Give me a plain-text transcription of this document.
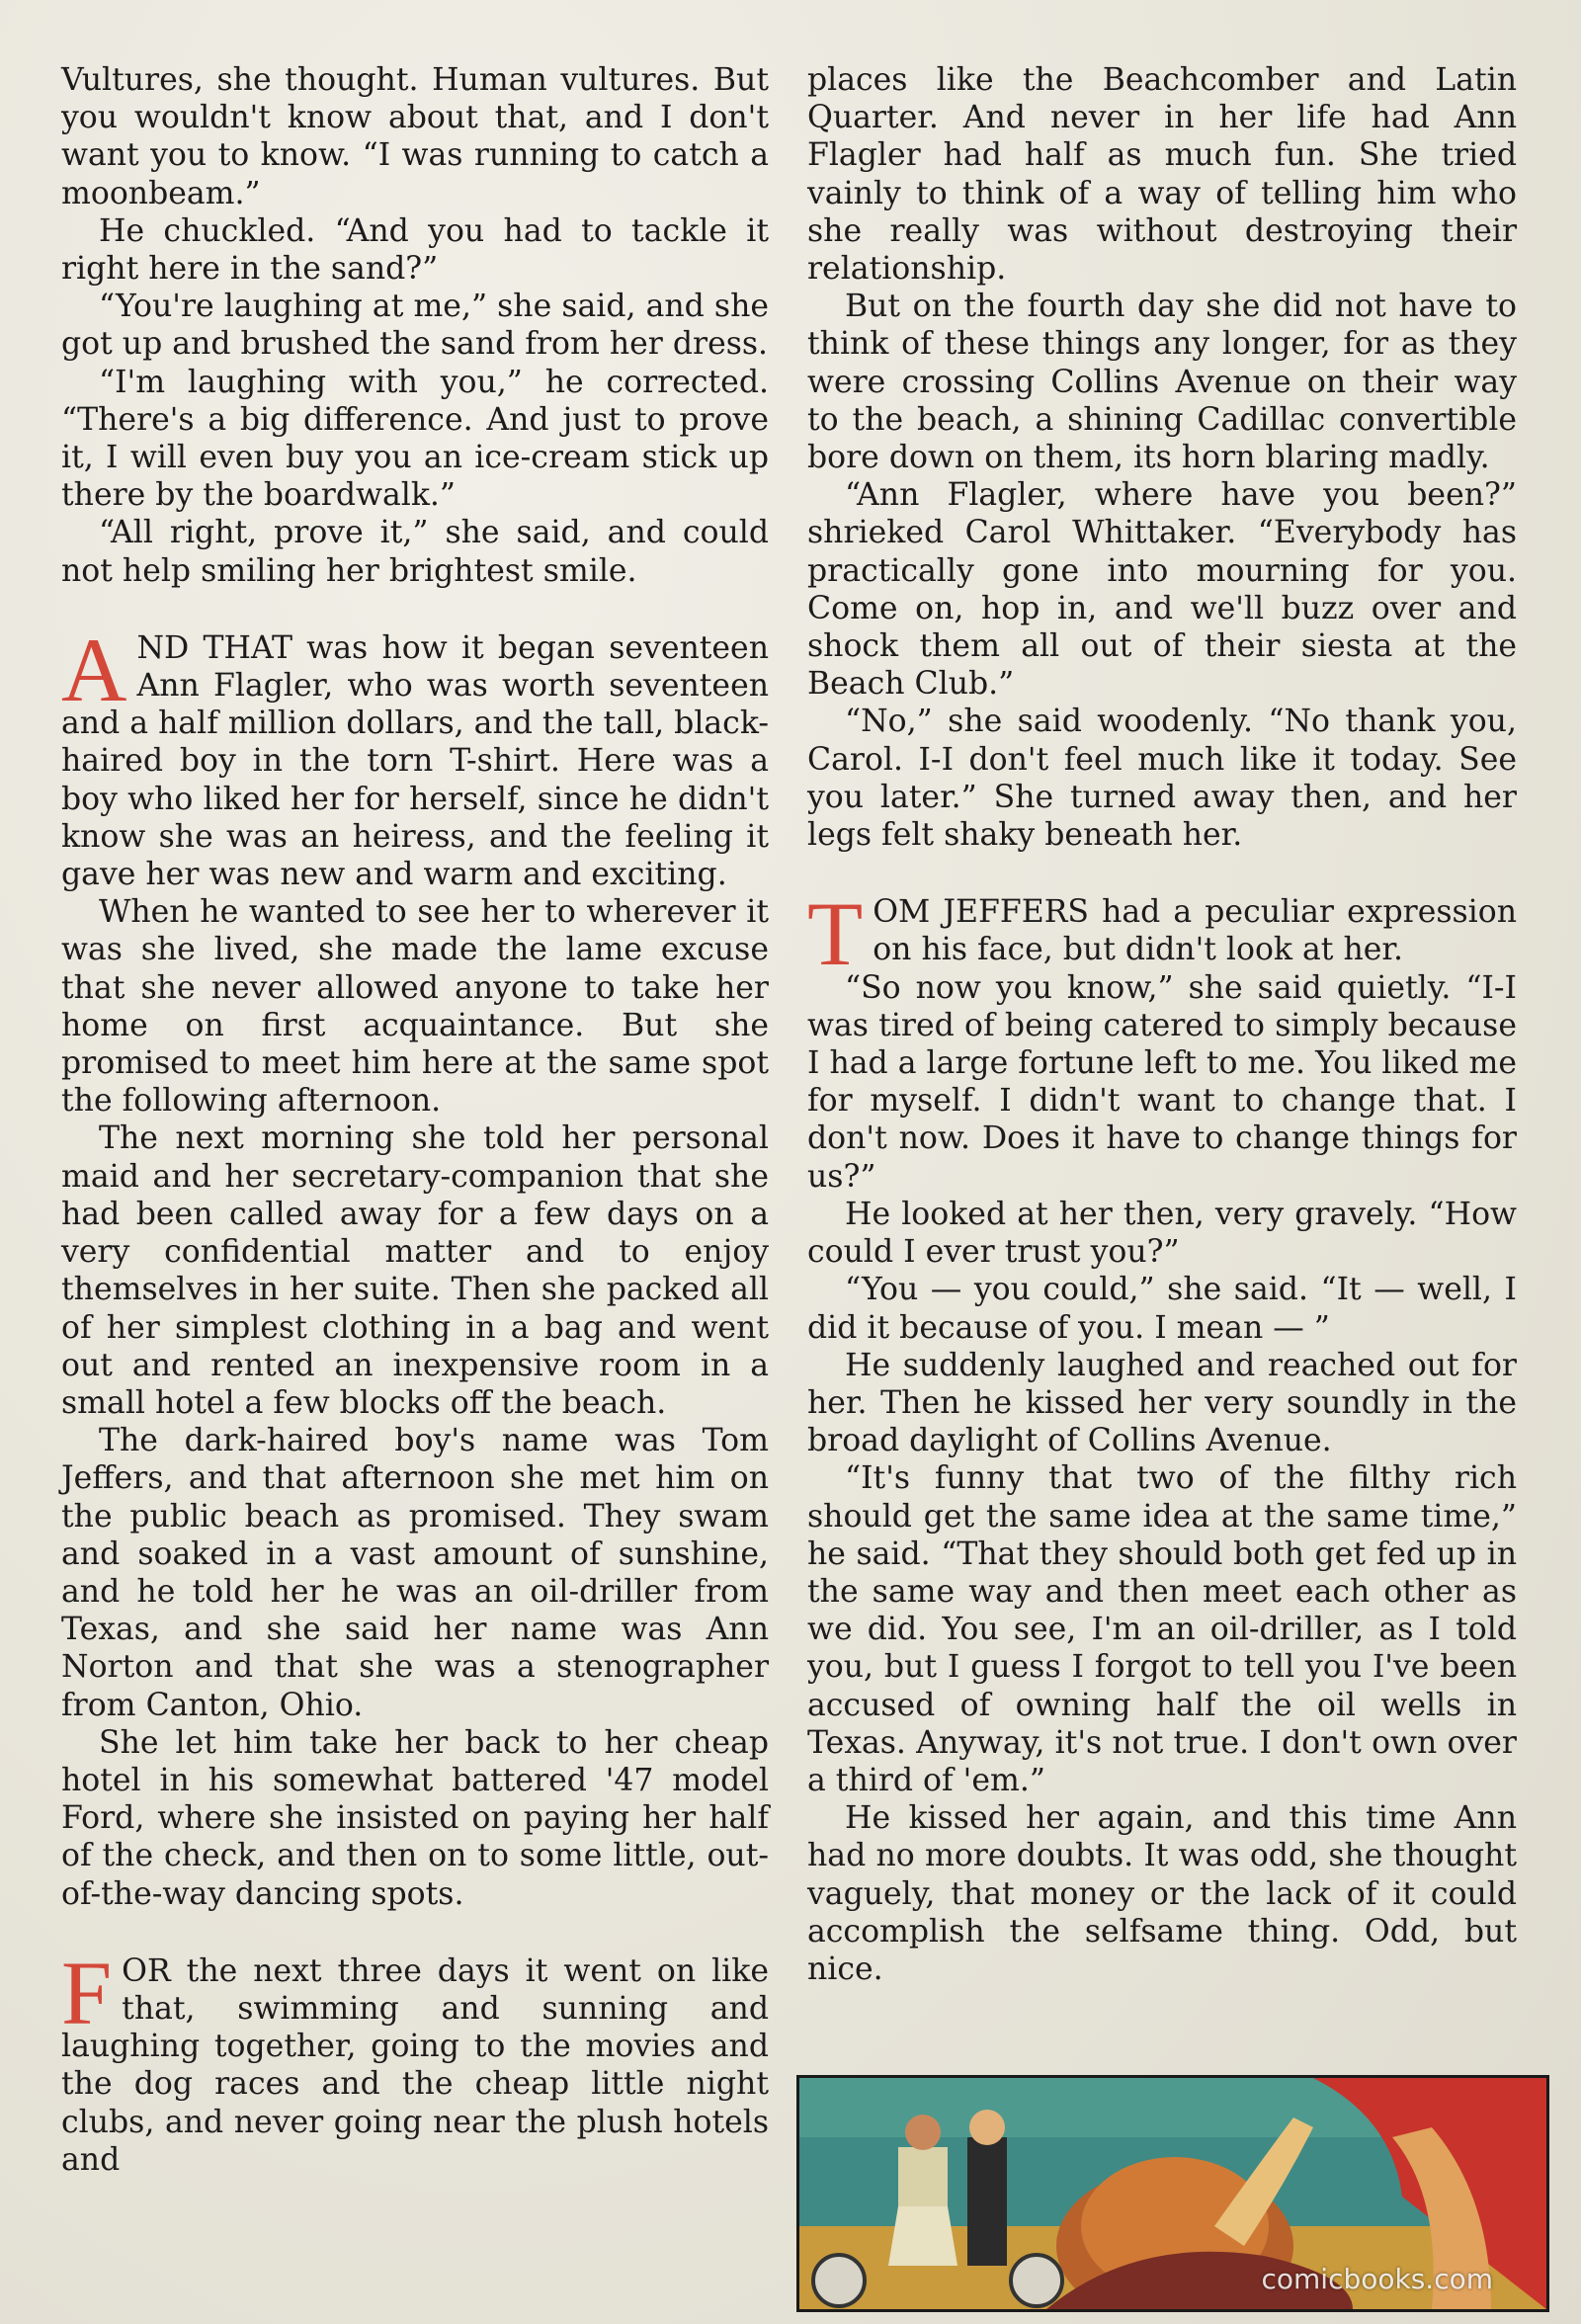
Vultures, she thought. Human vultures. But you wouldn't know about that, and I don't want you to know. “I was running to catch a moonbeam.”

He chuckled. “And you had to tackle it right here in the sand?”

“You're laughing at me,” she said, and she got up and brushed the sand from her dress.

“I'm laughing with you,” he corrected. “There's a big difference. And just to prove it, I will even buy you an ice-cream stick up there by the boardwalk.”

“All right, prove it,” she said, and could not help smiling her brightest smile.

AND THAT was how it began seventeen Ann Flagler, who was worth seventeen and a half million dollars, and the tall, black-haired boy in the torn T-shirt. Here was a boy who liked her for herself, since he didn't know she was an heiress, and the feeling it gave her was new and warm and exciting.

When he wanted to see her to wherever it was she lived, she made the lame excuse that she never allowed anyone to take her home on first acquaintance. But she promised to meet him here at the same spot the following afternoon.

The next morning she told her personal maid and her secretary-companion that she had been called away for a few days on a very confidential matter and to enjoy themselves in her suite. Then she packed all of her simplest clothing in a bag and went out and rented an inexpensive room in a small hotel a few blocks off the beach.

The dark-haired boy's name was Tom Jeffers, and that afternoon she met him on the public beach as promised. They swam and soaked in a vast amount of sunshine, and he told her he was an oil-driller from Texas, and she said her name was Ann Norton and that she was a stenographer from Canton, Ohio.

She let him take her back to her cheap hotel in his somewhat battered '47 model Ford, where she insisted on paying her half of the check, and then on to some little, out-of-the-way dancing spots.

FOR the next three days it went on like that, swimming and sunning and laughing together, going to the movies and the dog races and the cheap little night clubs, and never going near the plush hotels and

places like the Beachcomber and Latin Quarter. And never in her life had Ann Flagler had half as much fun. She tried vainly to think of a way of telling him who she really was without destroying their relationship.

But on the fourth day she did not have to think of these things any longer, for as they were crossing Collins Avenue on their way to the beach, a shining Cadillac convertible bore down on them, its horn blaring madly.

“Ann Flagler, where have you been?” shrieked Carol Whittaker. “Everybody has practically gone into mourning for you. Come on, hop in, and we'll buzz over and shock them all out of their siesta at the Beach Club.”

“No,” she said woodenly. “No thank you, Carol. I-I don't feel much like it today. See you later.” She turned away then, and her legs felt shaky beneath her.

TOM JEFFERS had a peculiar expression on his face, but didn't look at her.

“So now you know,” she said quietly. “I-I was tired of being catered to simply because I had a large fortune left to me. You liked me for myself. I didn't want to change that. I don't now. Does it have to change things for us?”

He looked at her then, very gravely. “How could I ever trust you?”

“You — you could,” she said. “It — well, I did it because of you. I mean — ”

He suddenly laughed and reached out for her. Then he kissed her very soundly in the broad daylight of Collins Avenue.

“It's funny that two of the filthy rich should get the same idea at the same time,” he said. “That they should both get fed up in the same way and then meet each other as we did. You see, I'm an oil-driller, as I told you, but I guess I forgot to tell you I've been accused of owning half the oil wells in Texas. Anyway, it's not true. I don't own over a third of 'em.”

He kissed her again, and this time Ann had no more doubts. It was odd, she thought vaguely, that money or the lack of it could accomplish the selfsame thing. Odd, but nice.

comicbooks.com
